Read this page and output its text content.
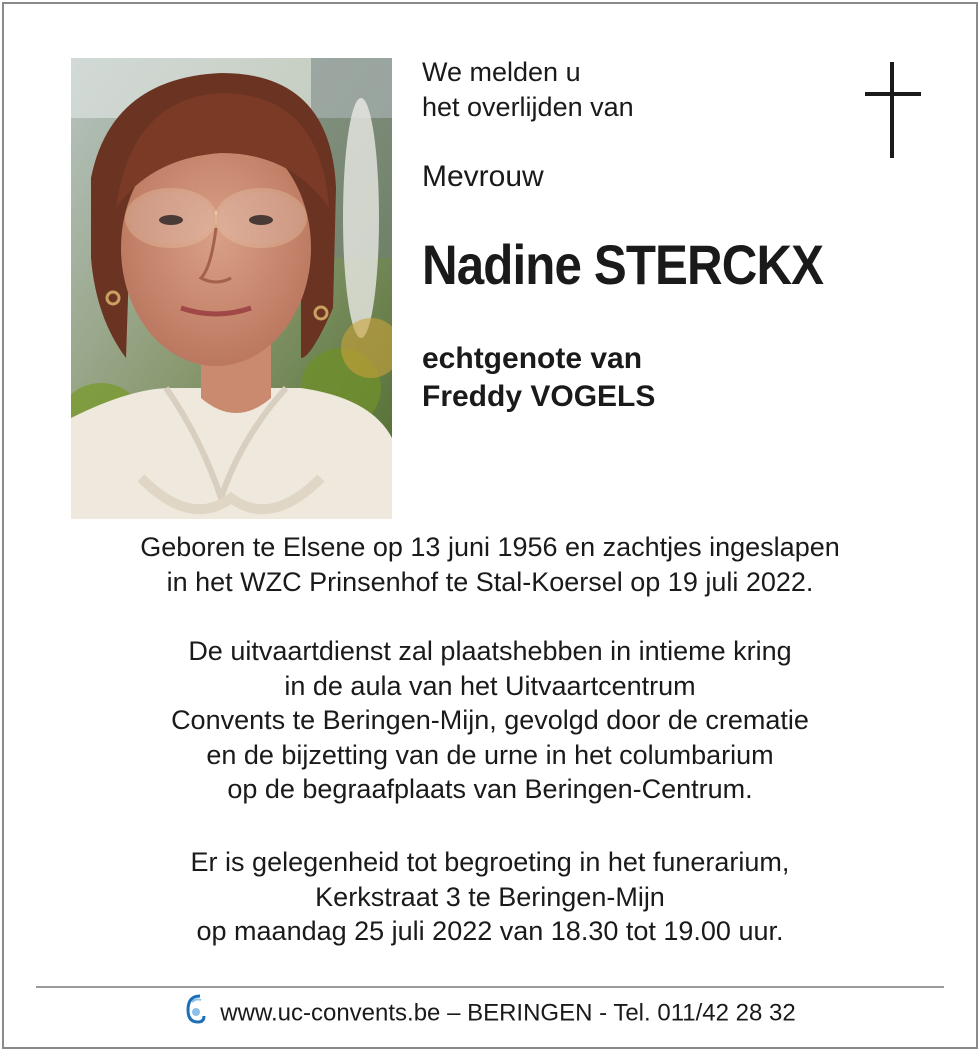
We melden u
het overlijden van
Mevrouw
Nadine STERCKX
echtgenote van
Freddy VOGELS
Geboren te Elsene op 13 juni 1956 en zachtjes ingeslapen
in het WZC Prinsenhof te Stal-Koersel op 19 juli 2022.
De uitvaartdienst zal plaatshebben in intieme kring
in de aula van het Uitvaartcentrum
Convents te Beringen-Mijn, gevolgd door de crematie
en de bijzetting van de urne in het columbarium
op de begraafplaats van Beringen-Centrum.
Er is gelegenheid tot begroeting in het funerarium,
Kerkstraat 3 te Beringen-Mijn
op maandag 25 juli 2022 van 18.30 tot 19.00 uur.
www.uc-convents.be – BERINGEN - Tel. 011/42 28 32
